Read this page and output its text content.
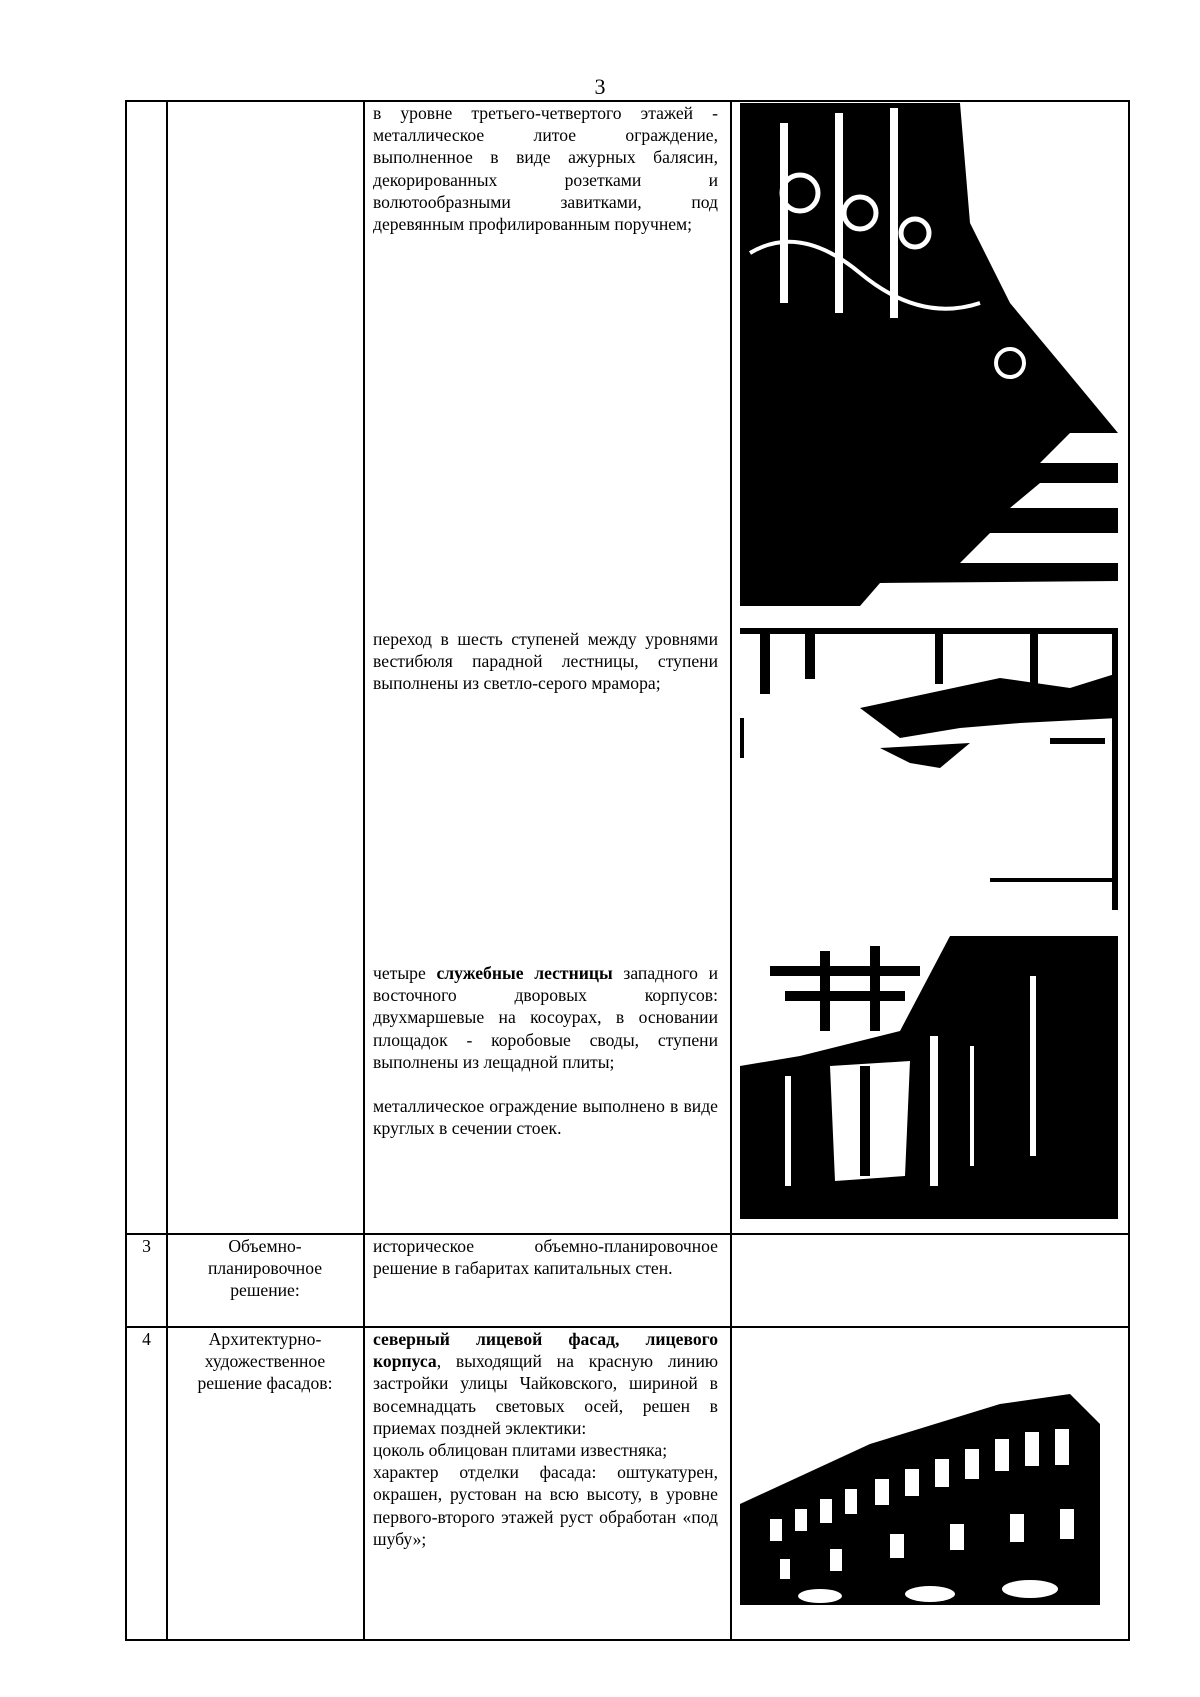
3

в уровне третьего-четвертого этажей - металлическое литое ограждение, выполненное в виде ажурных балясин, декорированных розетками и волютообразными завитками, под деревянным профилированным поручнем;

переход в шесть ступеней между уровнями вестибюля парадной лестницы, ступени выполнены из светло-серого мрамора;

четыре служебные лестницы западного и восточного дворовых корпусов: двухмаршевые на косоурах, в основании площадок - коробовые своды, ступени выполнены из лещадной плиты;

металлическое ограждение выполнено в виде круглых в сечении стоек.

3	Объемно-планировочное решение:

историческое объемно-планировочное решение в габаритах капитальных стен.

4	Архитектурно-художественное решение фасадов:

северный лицевой фасад, лицевого корпуса, выходящий на красную линию застройки улицы Чайковского, шириной в восемнадцать световых осей, решен в приемах поздней эклектики:

цоколь облицован плитами известняка;

характер отделки фасада: оштукатурен, окрашен, рустован на всю высоту, в уровне первого-второго этажей руст обработан «под шубу»;
